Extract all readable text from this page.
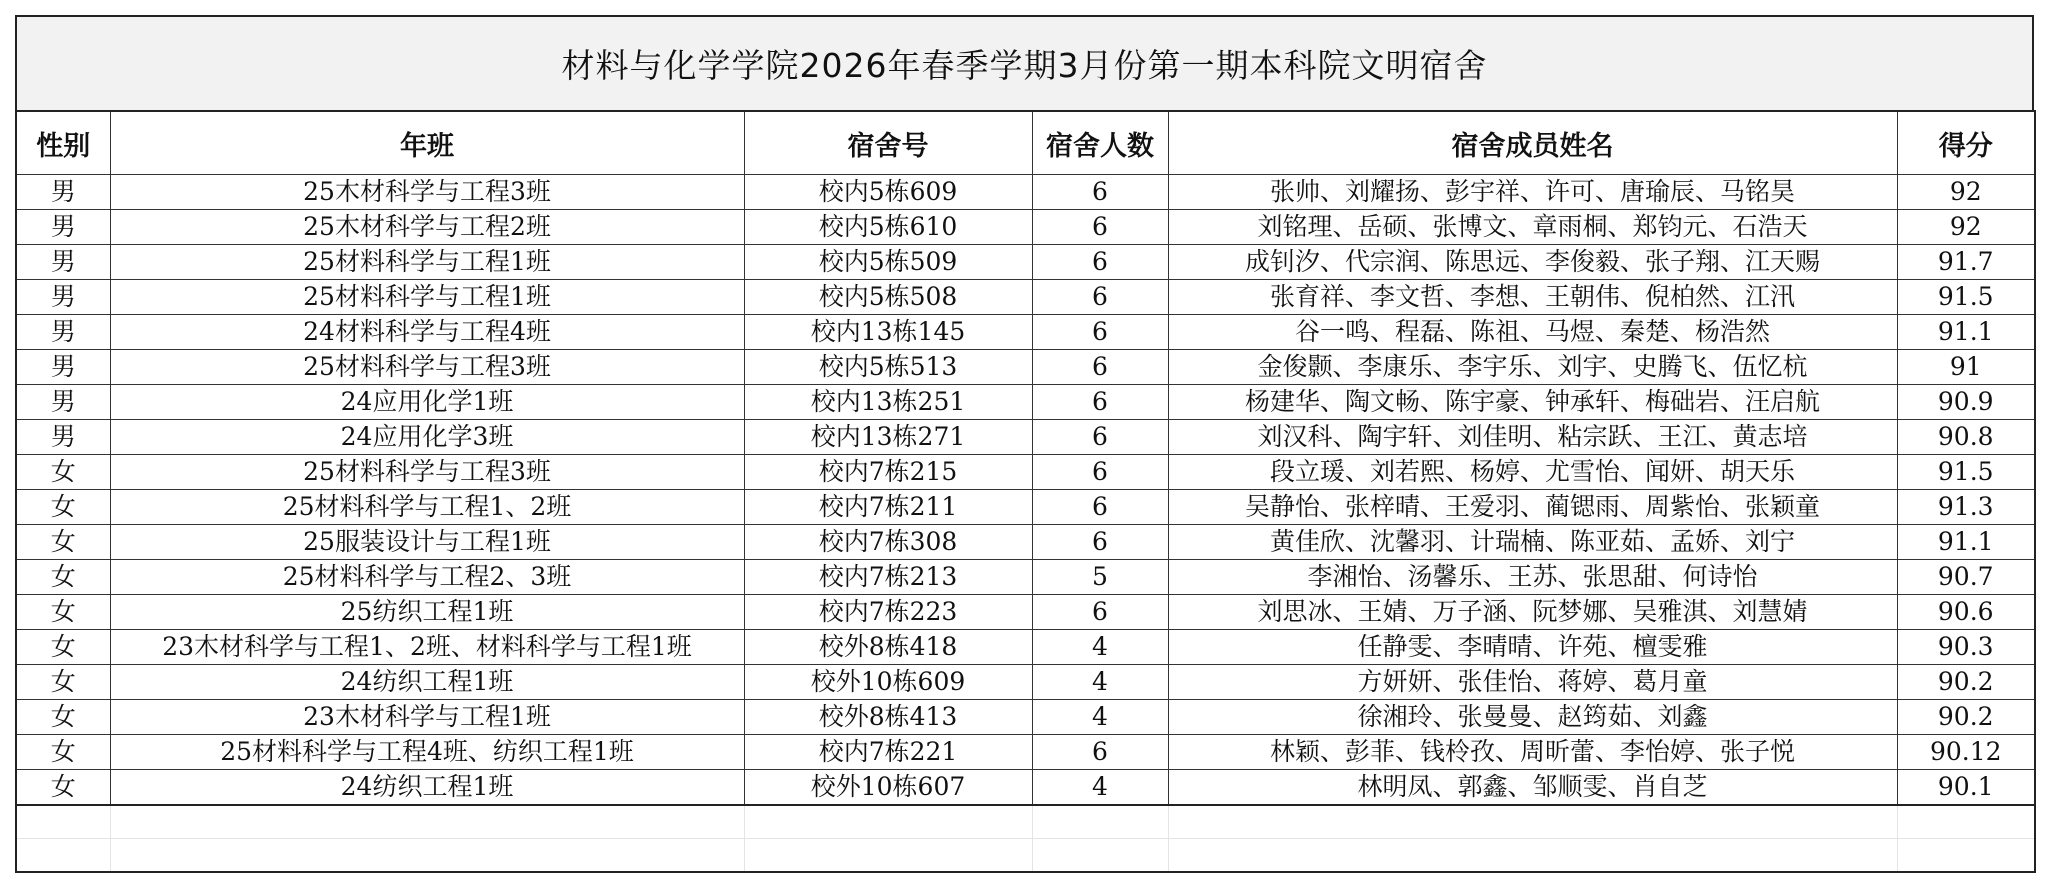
材料与化学学院2026年春季学期3月份第一期本科院文明宿舍
性别	年班	宿舍号	宿舍人数	宿舍成员姓名	得分
男	25木材科学与工程3班	校内5栋609	6	张帅、刘耀扬、彭宇祥、许可、唐瑜辰、马铭昊	92
男	25木材科学与工程2班	校内5栋610	6	刘铭理、岳硕、张博文、章雨桐、郑钧元、石浩天	92
男	25材料科学与工程1班	校内5栋509	6	成钊汐、代宗润、陈思远、李俊毅、张子翔、江天赐	91.7
男	25材料科学与工程1班	校内5栋508	6	张育祥、李文哲、李想、王朝伟、倪柏然、江汛	91.5
男	24材料科学与工程4班	校内13栋145	6	谷一鸣、程磊、陈祖、马煜、秦楚、杨浩然	91.1
男	25材料科学与工程3班	校内5栋513	6	金俊颢、李康乐、李宇乐、刘宇、史腾飞、伍忆杭	91
男	24应用化学1班	校内13栋251	6	杨建华、陶文畅、陈宇豪、钟承轩、梅础岩、汪启航	90.9
男	24应用化学3班	校内13栋271	6	刘汉科、陶宇轩、刘佳明、粘宗跃、王江、黄志培	90.8
女	25材料科学与工程3班	校内7栋215	6	段立瑗、刘若熙、杨婷、尤雪怡、闻妍、胡天乐	91.5
女	25材料科学与工程1、2班	校内7栋211	6	吴静怡、张梓晴、王爱羽、蔺锶雨、周紫怡、张颖童	91.3
女	25服装设计与工程1班	校内7栋308	6	黄佳欣、沈馨羽、计瑞楠、陈亚茹、孟娇、刘宁	91.1
女	25材料科学与工程2、3班	校内7栋213	5	李湘怡、汤馨乐、王苏、张思甜、何诗怡	90.7
女	25纺织工程1班	校内7栋223	6	刘思冰、王婧、万子涵、阮梦娜、吴雅淇、刘慧婧	90.6
女	23木材科学与工程1、2班、材料科学与工程1班	校外8栋418	4	任静雯、李晴晴、许苑、檀雯雅	90.3
女	24纺织工程1班	校外10栋609	4	方妍妍、张佳怡、蒋婷、葛月童	90.2
女	23木材科学与工程1班	校外8栋413	4	徐湘玲、张曼曼、赵筠茹、刘鑫	90.2
女	25材料科学与工程4班、纺织工程1班	校内7栋221	6	林颖、彭菲、钱柃孜、周昕蕾、李怡婷、张子悦	90.12
女	24纺织工程1班	校外10栋607	4	林明凤、郭鑫、邹顺雯、肖自芝	90.1
